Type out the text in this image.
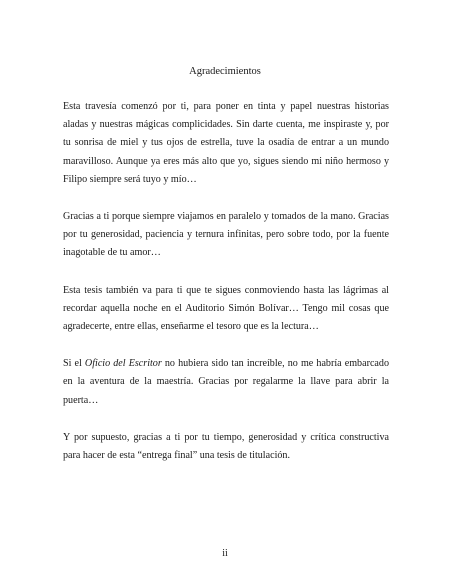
Agradecimientos

Esta travesía comenzó por ti, para poner en tinta y papel nuestras historias aladas y nuestras mágicas complicidades. Sin darte cuenta, me inspiraste y, por tu sonrisa de miel y tus ojos de estrella, tuve la osadía de entrar a un mundo maravilloso. Aunque ya eres más alto que yo, sigues siendo mi niño hermoso y Filipo siempre será tuyo y mío…

Gracias a ti porque siempre viajamos en paralelo y tomados de la mano. Gracias por tu generosidad, paciencia y ternura infinitas, pero sobre todo, por la fuente inagotable de tu amor…

Esta tesis también va para ti que te sigues conmoviendo hasta las lágrimas al recordar aquella noche en el Auditorio Simón Bolívar… Tengo mil cosas que agradecerte, entre ellas, enseñarme el tesoro que es la lectura…

Si el Oficio del Escritor no hubiera sido tan increíble, no me habría embarcado en la aventura de la maestría. Gracias por regalarme la llave para abrir la puerta…

Y por supuesto, gracias a ti por tu tiempo, generosidad y crítica constructiva para hacer de esta “entrega final” una tesis de titulación.

ii
